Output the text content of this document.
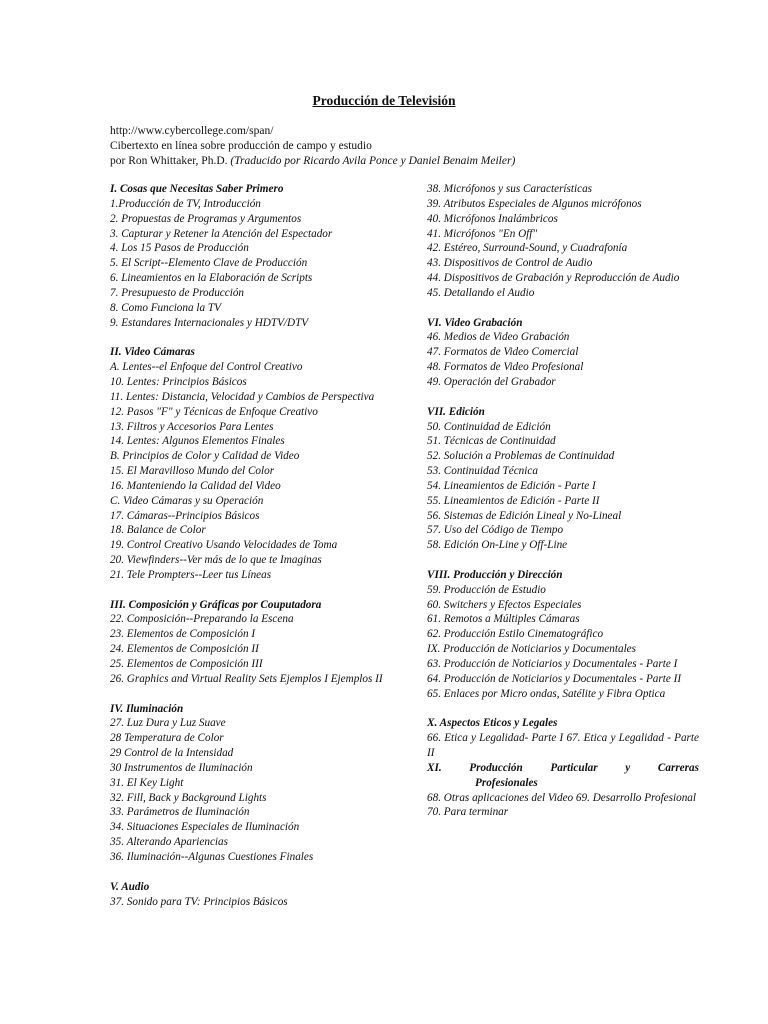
Producción de Televisión
http://www.cybercollege.com/span/
Cibertexto en línea sobre producción de campo y estudio
por Ron Whittaker, Ph.D. (Traducido por Ricardo Avila Ponce y Daniel Benaim Meiler)
I. Cosas que Necesitas Saber Primero
1.Producción de TV, Introducción
2. Propuestas de Programas y Argumentos
3. Capturar y Retener la Atención del Espectador
4. Los 15 Pasos de Producción
5. El Script--Elemento Clave de Producción
6. Lineamientos en la Elaboración de Scripts
7. Presupuesto de Producción
8. Como Funciona la TV
9. Estandares Internacionales y HDTV/DTV
II. Video Cámaras
A. Lentes--el Enfoque del Control Creativo
10. Lentes: Principios Básicos
11. Lentes: Distancia, Velocidad y Cambios de Perspectiva
12. Pasos "F" y Técnicas de Enfoque Creativo
13. Filtros y Accesorios Para Lentes
14. Lentes: Algunos Elementos Finales
B. Principios de Color y Calidad de Video
15. El Maravilloso Mundo del Color
16. Manteniendo la Calidad del Video
C. Video Cámaras y su Operación
17. Cámaras--Principios Básicos
18. Balance de Color
19. Control Creativo Usando Velocidades de Toma
20. Viewfinders--Ver más de lo que te Imaginas
21. Tele Prompters--Leer tus Líneas
III. Composición y Gráficas por Couputadora
22. Composición--Preparando la Escena
23. Elementos de Composición I
24. Elementos de Composición II
25. Elementos de Composición III
26. Graphics and Virtual Reality Sets Ejemplos I Ejemplos II
IV. Iluminación
27. Luz Dura y Luz Suave
28 Temperatura de Color
29 Control de la Intensidad
30 Instrumentos de Iluminación
31. El Key Light
32. Fill, Back y Background Lights
33. Parámetros de Iluminación
34. Situaciones Especiales de Iluminación
35. Alterando Apariencias
36. Iluminación--Algunas Cuestiones Finales
V. Audio
37. Sonido para TV: Principios Básicos
38. Micrófonos y sus Características
39. Atributos Especiales de Algunos micrófonos
40. Micrófonos Inalámbricos
41. Micrófonos "En Off"
42. Estéreo, Surround-Sound, y Cuadrafonía
43. Dispositivos de Control de Audio
44. Dispositivos de Grabación y Reproducción de Audio
45. Detallando el Audio
VI. Video Grabación
46. Medios de Video Grabación
47. Formatos de Video Comercial
48. Formatos de Video Profesional
49. Operación del Grabador
VII. Edición
50. Continuidad de Edición
51. Técnicas de Continuidad
52. Solución a Problemas de Continuidad
53. Continuidad Técnica
54. Lineamientos de Edición - Parte I
55. Lineamientos de Edición - Parte II
56. Sistemas de Edición Lineal y No-Lineal
57. Uso del Código de Tiempo
58. Edición On-Line y Off-Line
VIII. Producción y Dirección
59. Producción de Estudio
60. Switchers y Efectos Especiales
61. Remotos a Múltiples Cámaras
62. Producción Estilo Cinematográfico
IX. Producción de Noticiarios y Documentales
63. Producción de Noticiarios y Documentales - Parte I
64. Producción de Noticiarios y Documentales - Parte II
65. Enlaces por Micro ondas, Satélite y Fibra Optica
X. Aspectos Eticos y Legales
66. Etica y Legalidad- Parte I 67. Etica y Legalidad - Parte II
XI. Producción Particular y Carreras
Profesionales
68. Otras aplicaciones del Video 69. Desarrollo Profesional
70. Para terminar
